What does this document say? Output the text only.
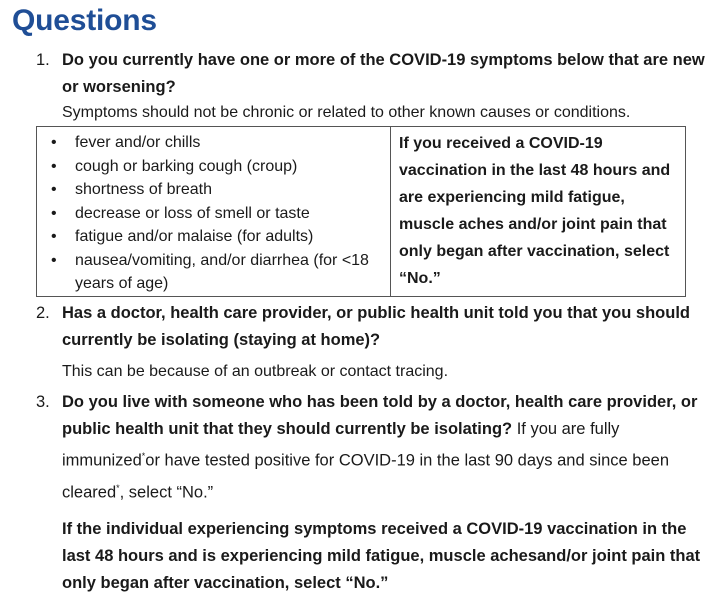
Questions
1. Do you currently have one or more of the COVID-19 symptoms below that are new or worsening?
Symptoms should not be chronic or related to other known causes or conditions.
• fever and/or chills
• cough or barking cough (croup)
• shortness of breath
• decrease or loss of smell or taste
• fatigue and/or malaise (for adults)
• nausea/vomiting, and/or diarrhea (for <18 years of age)
	If you received a COVID-19 vaccination in the last 48 hours and are experiencing mild fatigue, muscle aches and/or joint pain that only began after vaccination, select “No.”
2. Has a doctor, health care provider, or public health unit told you that you should currently be isolating (staying at home)?
This can be because of an outbreak or contact tracing.
3. Do you live with someone who has been told by a doctor, health care provider, or public health unit that they should currently be isolating? If you are fully immunized*or have tested positive for COVID-19 in the last 90 days and since been cleared*, select “No.”
If the individual experiencing symptoms received a COVID-19 vaccination in the last 48 hours and is experiencing mild fatigue, muscle achesand/or joint pain that only began after vaccination, select “No.”
